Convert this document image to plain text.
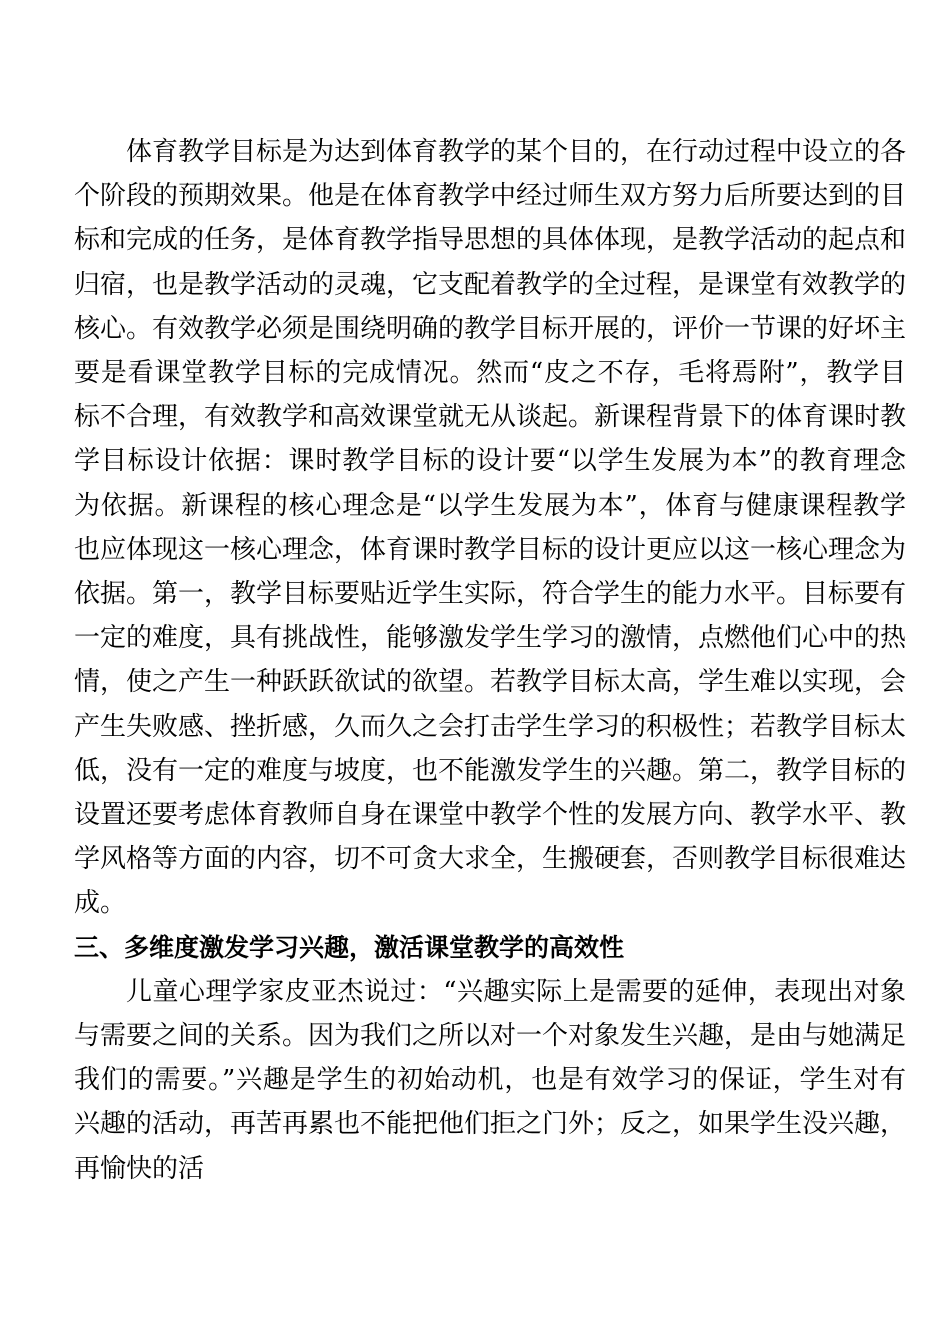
体育教学目标是为达到体育教学的某个目的，在行动过程中设立的各个阶段的预期效果。他是在体育教学中经过师生双方努力后所要达到的目标和完成的任务，是体育教学指导思想的具体体现，是教学活动的起点和归宿，也是教学活动的灵魂，它支配着教学的全过程，是课堂有效教学的核心。有效教学必须是围绕明确的教学目标开展的，评价一节课的好坏主要是看课堂教学目标的完成情况。然而“皮之不存，毛将焉附”，教学目标不合理，有效教学和高效课堂就无从谈起。新课程背景下的体育课时教学目标设计依据：课时教学目标的设计要“以学生发展为本”的教育理念为依据。新课程的核心理念是“以学生发展为本”，体育与健康课程教学也应体现这一核心理念，体育课时教学目标的设计更应以这一核心理念为依据。第一，教学目标要贴近学生实际，符合学生的能力水平。目标要有一定的难度，具有挑战性，能够激发学生学习的激情，点燃他们心中的热情，使之产生一种跃跃欲试的欲望。若教学目标太高，学生难以实现，会产生失败感、挫折感，久而久之会打击学生学习的积极性；若教学目标太低，没有一定的难度与坡度，也不能激发学生的兴趣。第二，教学目标的设置还要考虑体育教师自身在课堂中教学个性的发展方向、教学水平、教学风格等方面的内容，切不可贪大求全，生搬硬套，否则教学目标很难达成。

三、多维度激发学习兴趣，激活课堂教学的高效性

儿童心理学家皮亚杰说过：“兴趣实际上是需要的延伸，表现出对象与需要之间的关系。因为我们之所以对一个对象发生兴趣，是由与她满足我们的需要。”兴趣是学生的初始动机，也是有效学习的保证，学生对有兴趣的活动，再苦再累也不能把他们拒之门外；反之，如果学生没兴趣，再愉快的活
